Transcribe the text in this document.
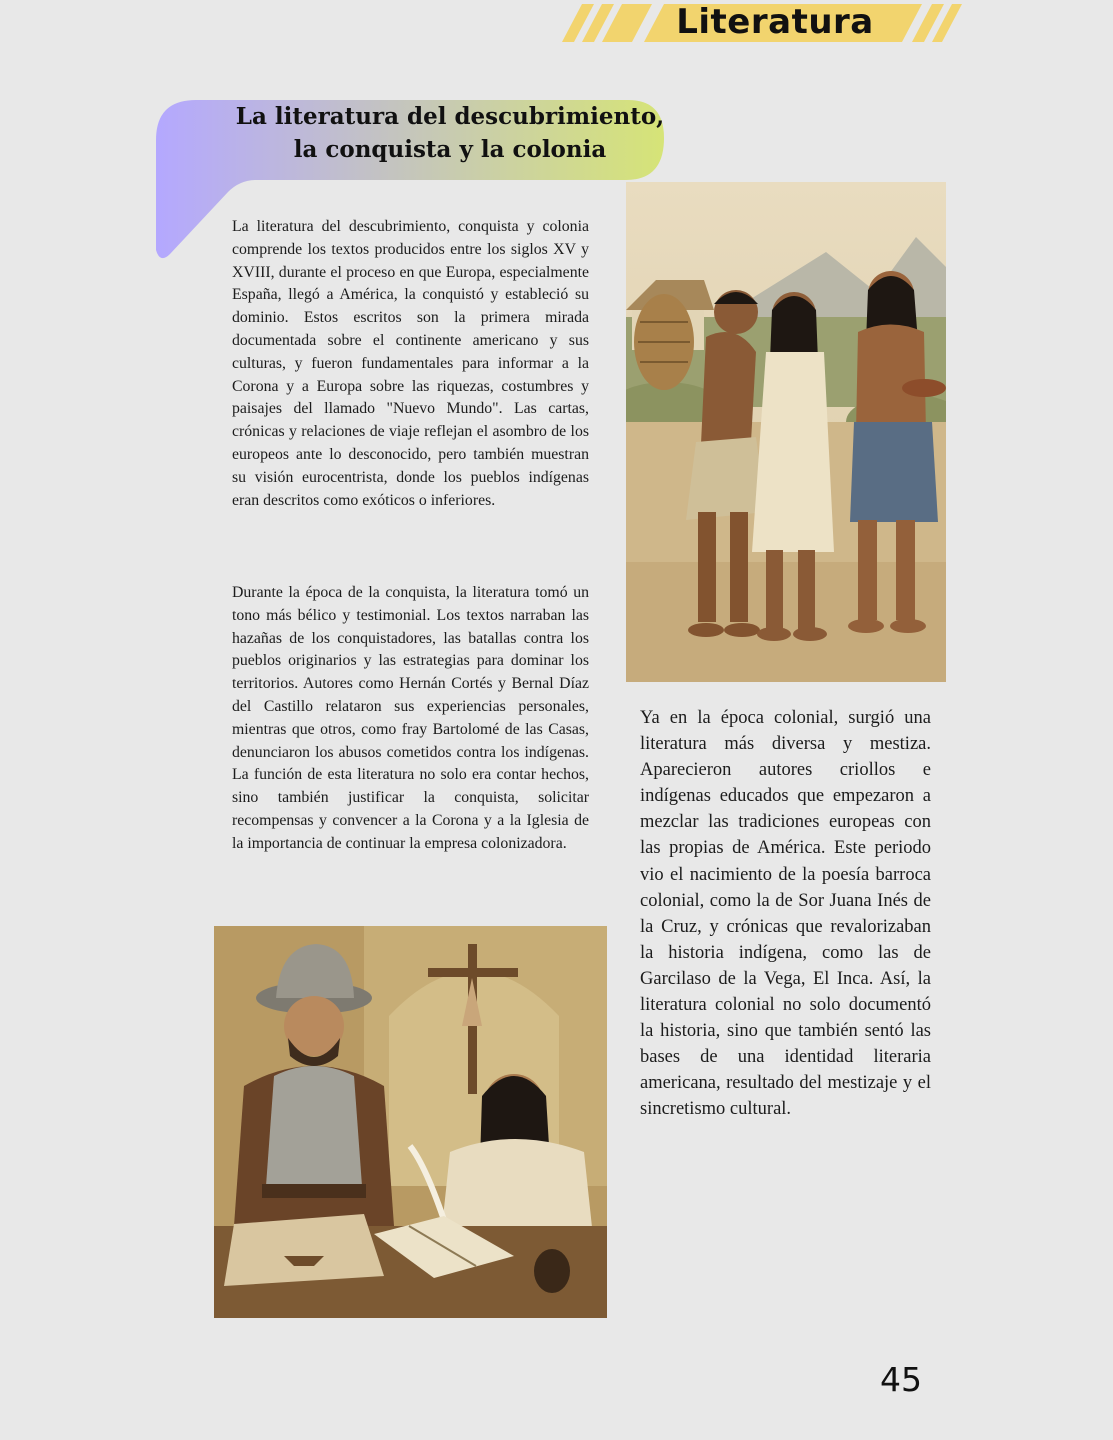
Literatura
La literatura del descubrimiento,
la conquista y la colonia

La literatura del descubrimiento, conquista y colonia comprende los textos producidos entre los siglos XV y XVIII, durante el proceso en que Europa, especialmente España, llegó a América, la conquistó y estableció su dominio. Estos escritos son la primera mirada documentada sobre el continente americano y sus culturas, y fueron fundamentales para informar a la Corona y a Europa sobre las riquezas, costumbres y paisajes del llamado "Nuevo Mundo". Las cartas, crónicas y relaciones de viaje reflejan el asombro de los europeos ante lo desconocido, pero también muestran su visión eurocentrista, donde los pueblos indígenas eran descritos como exóticos o inferiores.

Durante la época de la conquista, la literatura tomó un tono más bélico y testimonial. Los textos narraban las hazañas de los conquistadores, las batallas contra los pueblos originarios y las estrategias para dominar los territorios. Autores como Hernán Cortés y Bernal Díaz del Castillo relataron sus experiencias personales, mientras que otros, como fray Bartolomé de las Casas, denunciaron los abusos cometidos contra los indígenas. La función de esta literatura no solo era contar hechos, sino también justificar la conquista, solicitar recompensas y convencer a la Corona y a la Iglesia de la importancia de continuar la empresa colonizadora.

Ya en la época colonial, surgió una literatura más diversa y mestiza. Aparecieron autores criollos e indígenas educados que empezaron a mezclar las tradiciones europeas con las propias de América. Este periodo vio el nacimiento de la poesía barroca colonial, como la de Sor Juana Inés de la Cruz, y crónicas que revalorizaban la historia indígena, como las de Garcilaso de la Vega, El Inca. Así, la literatura colonial no solo documentó la historia, sino que también sentó las bases de una identidad literaria americana, resultado del mestizaje y el sincretismo cultural.

45
